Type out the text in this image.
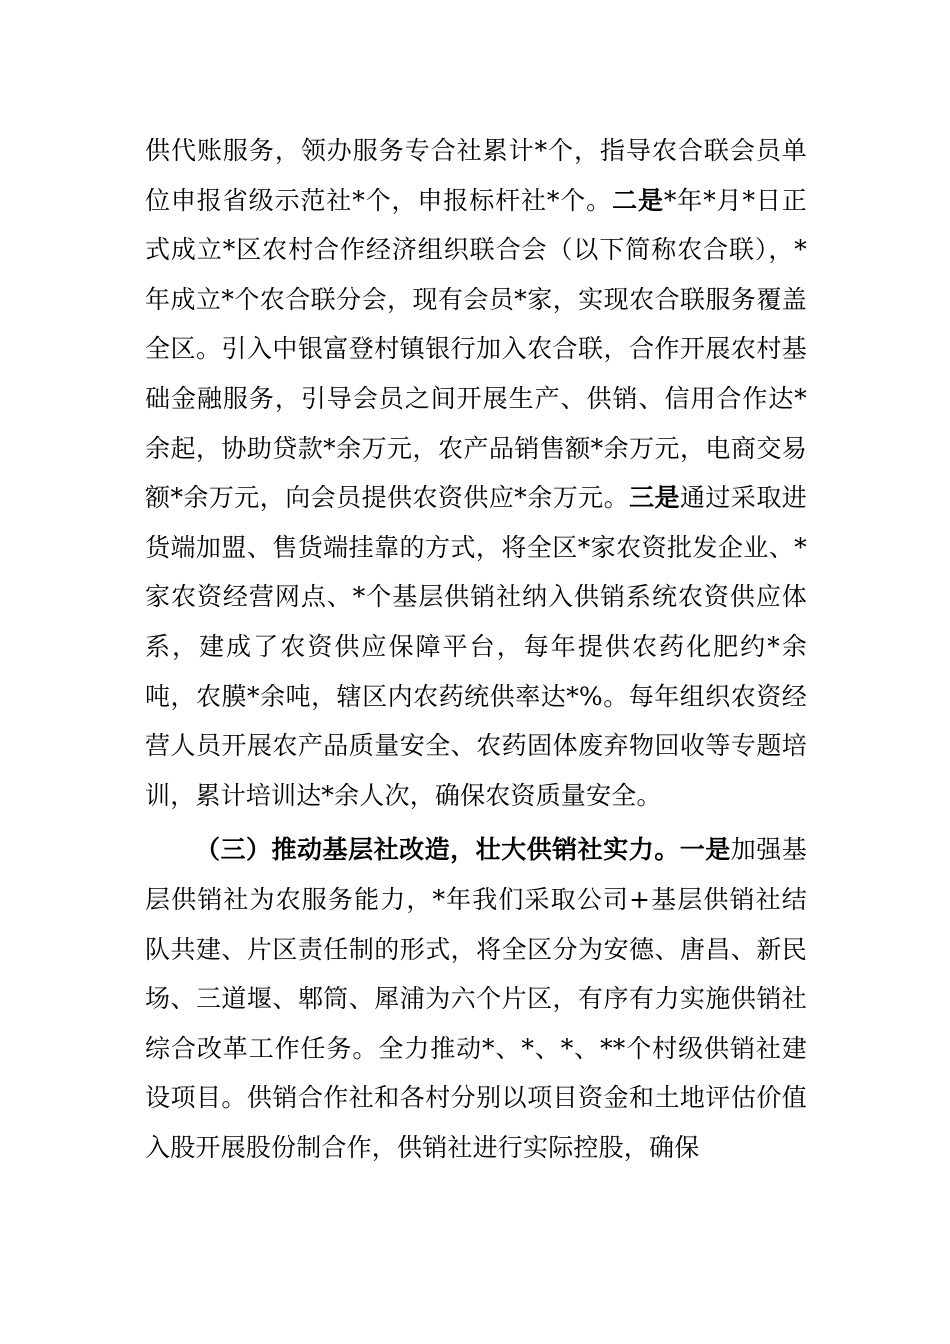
供代账服务，领办服务专合社累计*个，指导农合联会员单位申报省级示范社*个，申报标杆社*个。二是*年*月*日正式成立*区农村合作经济组织联合会（以下简称农合联），*年成立*个农合联分会，现有会员*家，实现农合联服务覆盖全区。引入中银富登村镇银行加入农合联，合作开展农村基础金融服务，引导会员之间开展生产、供销、信用合作达*余起，协助贷款*余万元，农产品销售额*余万元，电商交易额*余万元，向会员提供农资供应*余万元。三是通过采取进货端加盟、售货端挂靠的方式，将全区*家农资批发企业、*家农资经营网点、*个基层供销社纳入供销系统农资供应体系，建成了农资供应保障平台，每年提供农药化肥约*余吨，农膜*余吨，辖区内农药统供率达*%。每年组织农资经营人员开展农产品质量安全、农药固体废弃物回收等专题培训，累计培训达*余人次，确保农资质量安全。

（三）推动基层社改造，壮大供销社实力。一是加强基层供销社为农服务能力，*年我们采取公司+基层供销社结队共建、片区责任制的形式，将全区分为安德、唐昌、新民场、三道堰、郫筒、犀浦为六个片区，有序有力实施供销社综合改革工作任务。全力推动*、*、*、**个村级供销社建设项目。供销合作社和各村分别以项目资金和土地评估价值入股开展股份制合作，供销社进行实际控股，确保
